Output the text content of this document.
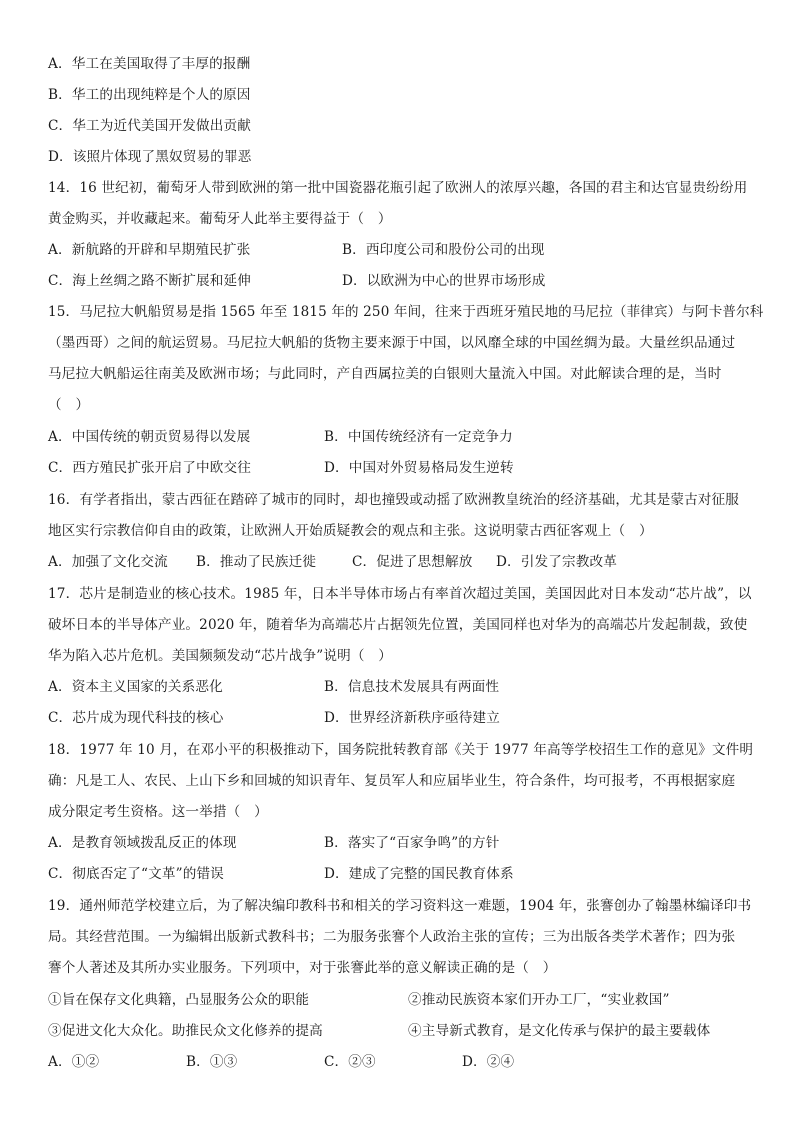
A．华工在美国取得了丰厚的报酬
B．华工的出现纯粹是个人的原因
C．华工为近代美国开发做出贡献
D．该照片体现了黑奴贸易的罪恶
14．16 世纪初，葡萄牙人带到欧洲的第一批中国瓷器花瓶引起了欧洲人的浓厚兴趣，各国的君主和达官显贵纷纷用
黄金购买，并收藏起来。葡萄牙人此举主要得益于（　）
A．新航路的开辟和早期殖民扩张	B．西印度公司和股份公司的出现
C．海上丝绸之路不断扩展和延伸	D．以欧洲为中心的世界市场形成
15．马尼拉大帆船贸易是指 1565 年至 1815 年的 250 年间，往来于西班牙殖民地的马尼拉（菲律宾）与阿卡普尔科
（墨西哥）之间的航运贸易。马尼拉大帆船的货物主要来源于中国，以风靡全球的中国丝绸为最。大量丝织品通过
马尼拉大帆船运往南美及欧洲市场；与此同时，产自西属拉美的白银则大量流入中国。对此解读合理的是，当时
（　）
A．中国传统的朝贡贸易得以发展	B．中国传统经济有一定竞争力
C．西方殖民扩张开启了中欧交往	D．中国对外贸易格局发生逆转
16．有学者指出，蒙古西征在踏碎了城市的同时，却也撞毁或动摇了欧洲教皇统治的经济基础，尤其是蒙古对征服
地区实行宗教信仰自由的政策，让欧洲人开始质疑教会的观点和主张。这说明蒙古西征客观上（　）
A．加强了文化交流 B．推动了民族迁徙	C．促进了思想解放 D．引发了宗教改革
17．芯片是制造业的核心技术。1985 年，日本半导体市场占有率首次超过美国，美国因此对日本发动“芯片战”，以
破坏日本的半导体产业。2020 年，随着华为高端芯片占据领先位置，美国同样也对华为的高端芯片发起制裁，致使
华为陷入芯片危机。美国频频发动“芯片战争”说明（　）
A．资本主义国家的关系恶化	B．信息技术发展具有两面性
C．芯片成为现代科技的核心	D．世界经济新秩序亟待建立
18．1977 年 10 月，在邓小平的积极推动下，国务院批转教育部《关于 1977 年高等学校招生工作的意见》文件明
确：凡是工人、农民、上山下乡和回城的知识青年、复员军人和应届毕业生，符合条件，均可报考，不再根据家庭
成分限定考生资格。这一举措（　）
A．是教育领域拨乱反正的体现	B．落实了“百家争鸣”的方针
C．彻底否定了“文革”的错误	D．建成了完整的国民教育体系
19．通州师范学校建立后，为了解决编印教科书和相关的学习资料这一难题，1904 年，张謇创办了翰墨林编译印书
局。其经营范围。一为编辑出版新式教科书；二为服务张謇个人政治主张的宣传；三为出版各类学术著作；四为张
謇个人著述及其所办实业服务。下列项中，对于张謇此举的意义解读正确的是（　）
①旨在保存文化典籍，凸显服务公众的职能	②推动民族资本家们开办工厂，“实业救国”
③促进文化大众化。助推民众文化修养的提高	④主导新式教育，是文化传承与保护的最主要载体
A．①②	B．①③	C．②③	D．②④
